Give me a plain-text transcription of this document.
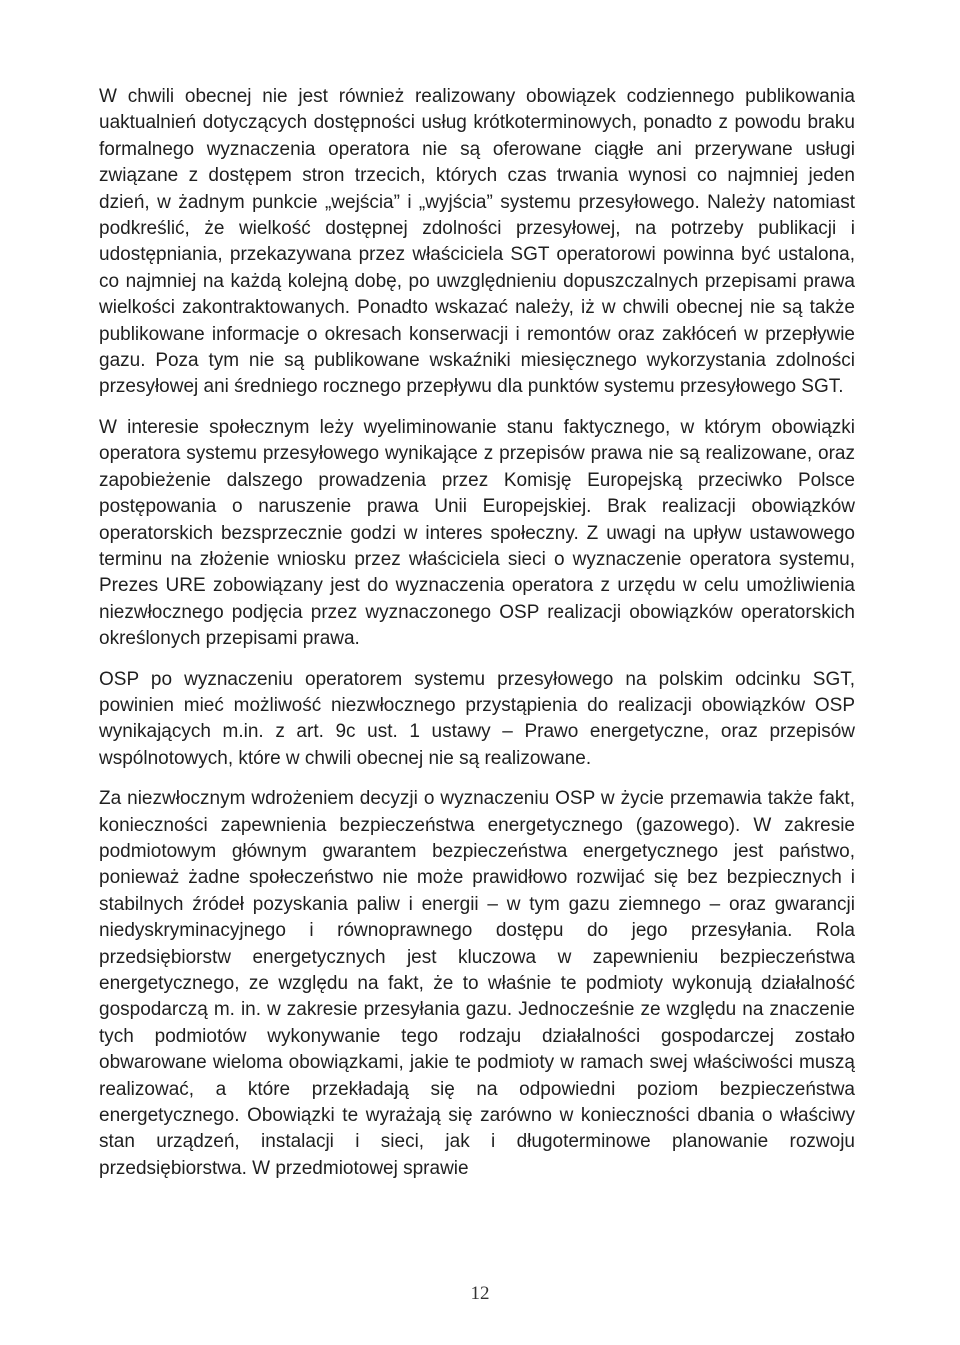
W chwili obecnej nie jest również realizowany obowiązek codziennego publikowania uaktualnień dotyczących dostępności usług krótkoterminowych, ponadto z powodu braku formalnego wyznaczenia operatora nie są oferowane ciągłe ani przerywane usługi związane z dostępem stron trzecich, których czas trwania wynosi co najmniej jeden dzień, w żadnym punkcie „wejścia” i „wyjścia” systemu przesyłowego. Należy natomiast podkreślić, że wielkość dostępnej zdolności przesyłowej, na potrzeby publikacji i udostępniania, przekazywana przez właściciela SGT operatorowi powinna być ustalona, co najmniej na każdą kolejną dobę, po uwzględnieniu dopuszczalnych przepisami prawa wielkości zakontraktowanych. Ponadto wskazać należy, iż w chwili obecnej nie są także publikowane informacje o okresach konserwacji i remontów oraz zakłóceń w przepływie gazu. Poza tym nie są publikowane wskaźniki miesięcznego wykorzystania zdolności przesyłowej ani średniego rocznego przepływu dla punktów systemu przesyłowego SGT.

W interesie społecznym leży wyeliminowanie stanu faktycznego, w którym obowiązki operatora systemu przesyłowego wynikające z przepisów prawa nie są realizowane, oraz zapobieżenie dalszego prowadzenia przez Komisję Europejską przeciwko Polsce postępowania o naruszenie prawa Unii Europejskiej. Brak realizacji obowiązków operatorskich bezsprzecznie godzi w interes społeczny. Z uwagi na upływ ustawowego terminu na złożenie wniosku przez właściciela sieci o wyznaczenie operatora systemu, Prezes URE zobowiązany jest do wyznaczenia operatora z urzędu w celu umożliwienia niezwłocznego podjęcia przez wyznaczonego OSP realizacji obowiązków operatorskich określonych przepisami prawa.

OSP po wyznaczeniu operatorem systemu przesyłowego na polskim odcinku SGT, powinien mieć możliwość niezwłocznego przystąpienia do realizacji obowiązków OSP wynikających m.in. z art. 9c ust. 1 ustawy – Prawo energetyczne, oraz przepisów wspólnotowych, które w chwili obecnej nie są realizowane.

Za niezwłocznym wdrożeniem decyzji o wyznaczeniu OSP w życie przemawia także fakt, konieczności zapewnienia bezpieczeństwa energetycznego (gazowego). W zakresie podmiotowym głównym gwarantem bezpieczeństwa energetycznego jest państwo, ponieważ żadne społeczeństwo nie może prawidłowo rozwijać się bez bezpiecznych i stabilnych źródeł pozyskania paliw i energii – w tym gazu ziemnego – oraz gwarancji niedyskryminacyjnego i równoprawnego dostępu do jego przesyłania. Rola przedsiębiorstw energetycznych jest kluczowa w zapewnieniu bezpieczeństwa energetycznego, ze względu na fakt, że to właśnie te podmioty wykonują działalność gospodarczą m. in. w zakresie przesyłania gazu. Jednocześnie ze względu na znaczenie tych podmiotów wykonywanie tego rodzaju działalności gospodarczej zostało obwarowane wieloma obowiązkami, jakie te podmioty w ramach swej właściwości muszą realizować, a które przekładają się na odpowiedni poziom bezpieczeństwa energetycznego. Obowiązki te wyrażają się zarówno w konieczności dbania o właściwy stan urządzeń, instalacji i sieci, jak i długoterminowe planowanie rozwoju przedsiębiorstwa. W przedmiotowej sprawie

12
